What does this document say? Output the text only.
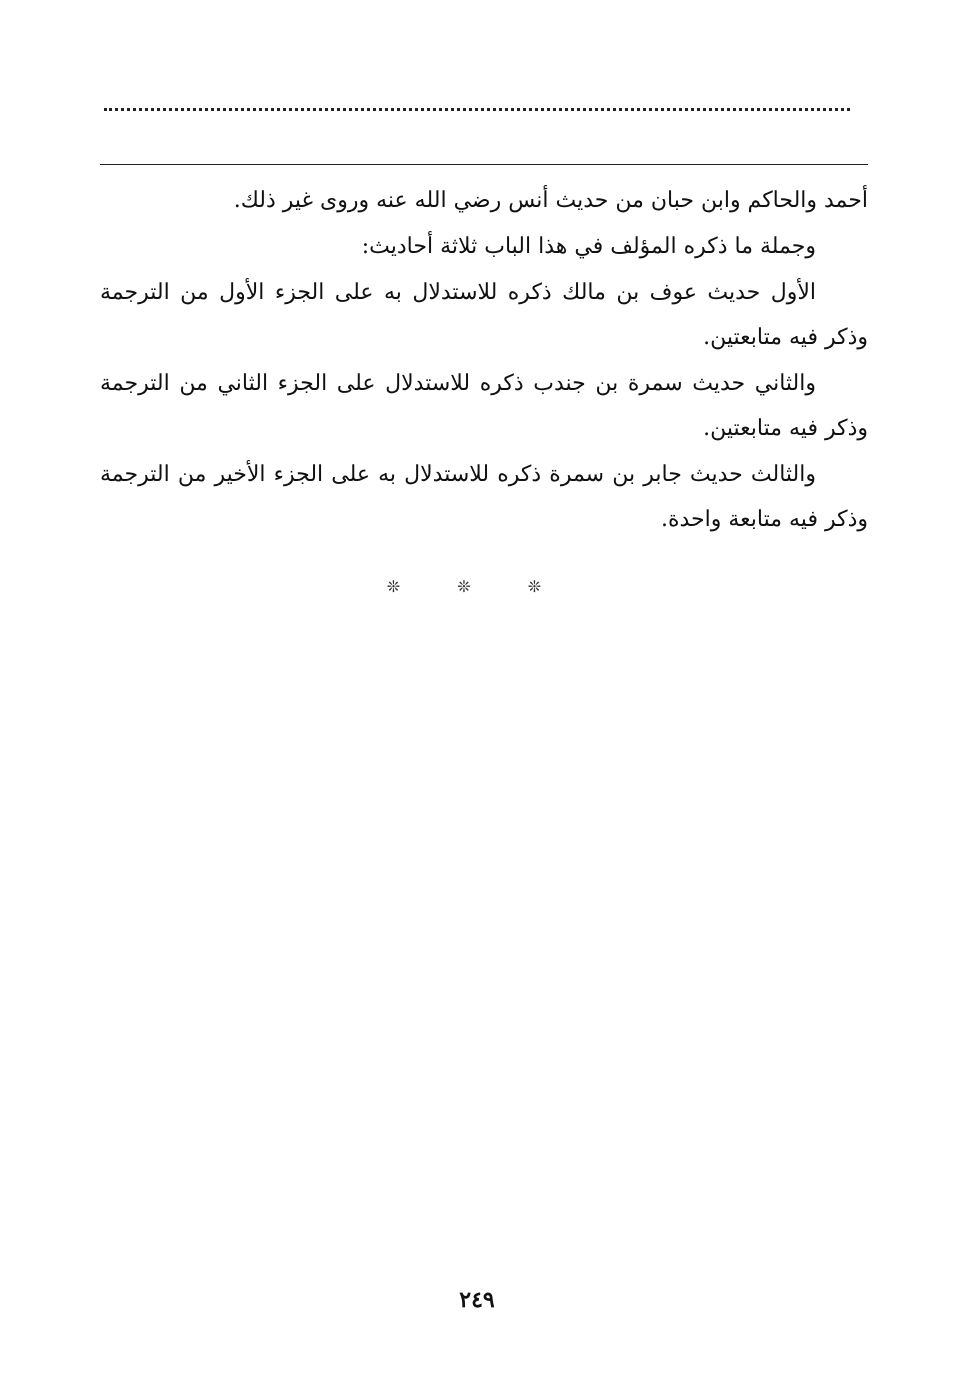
أحمد والحاكم وابن حبان من حديث أنس رضي الله عنه وروى غير ذلك.

وجملة ما ذكره المؤلف في هذا الباب ثلاثة أحاديث:

الأول حديث عوف بن مالك ذكره للاستدلال به على الجزء الأول من الترجمة وذكر فيه متابعتين.

والثاني حديث سمرة بن جندب ذكره للاستدلال على الجزء الثاني من الترجمة وذكر فيه متابعتين.

والثالث حديث جابر بن سمرة ذكره للاستدلال به على الجزء الأخير من الترجمة وذكر فيه متابعة واحدة.

❊ ❊ ❊
٢٤٩
